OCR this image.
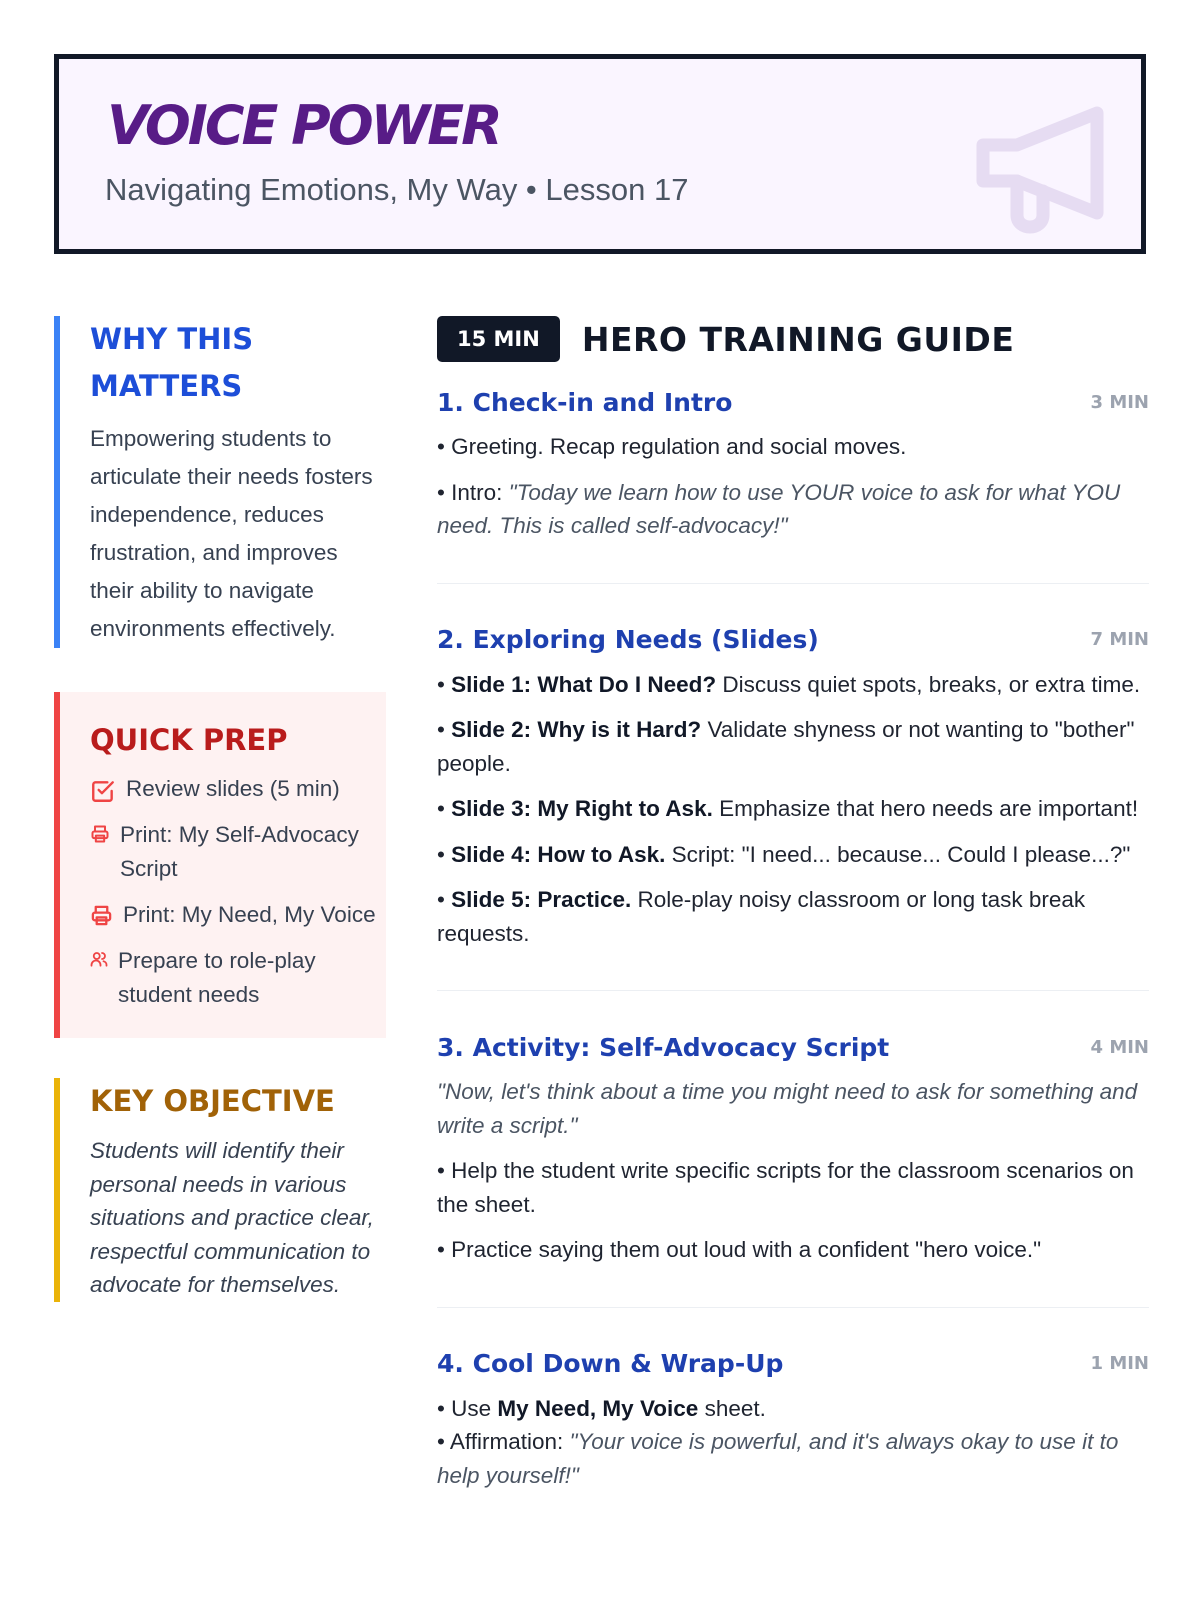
VOICE POWER
Navigating Emotions, My Way • Lesson 17
WHY THIS MATTERS

Empowering students to articulate their needs fosters independence, reduces frustration, and improves their ability to navigate environments effectively.

QUICK PREP
Review slides (5 min)
Print: My Self-Advocacy Script
Print: My Need, My Voice
Prepare to role-play student needs
KEY OBJECTIVE

Students will identify their personal needs in various situations and practice clear, respectful communication to advocate for themselves.

15 MIN	HERO TRAINING GUIDE
1. Check-in and Intro	3 MIN

• Greeting. Recap regulation and social moves.

• Intro: "Today we learn how to use YOUR voice to ask for what YOU need. This is called self-advocacy!"

2. Exploring Needs (Slides)	7 MIN

• Slide 1: What Do I Need? Discuss quiet spots, breaks, or extra time.

• Slide 2: Why is it Hard? Validate shyness or not wanting to "bother" people.

• Slide 3: My Right to Ask. Emphasize that hero needs are important!

• Slide 4: How to Ask. Script: "I need... because... Could I please...?"

• Slide 5: Practice. Role-play noisy classroom or long task break requests.

3. Activity: Self-Advocacy Script	4 MIN

"Now, let's think about a time you might need to ask for something and write a script."

• Help the student write specific scripts for the classroom scenarios on the sheet.

• Practice saying them out loud with a confident "hero voice."

4. Cool Down & Wrap-Up	1 MIN

• Use My Need, My Voice sheet.

• Affirmation: "Your voice is powerful, and it's always okay to use it to help yourself!"
